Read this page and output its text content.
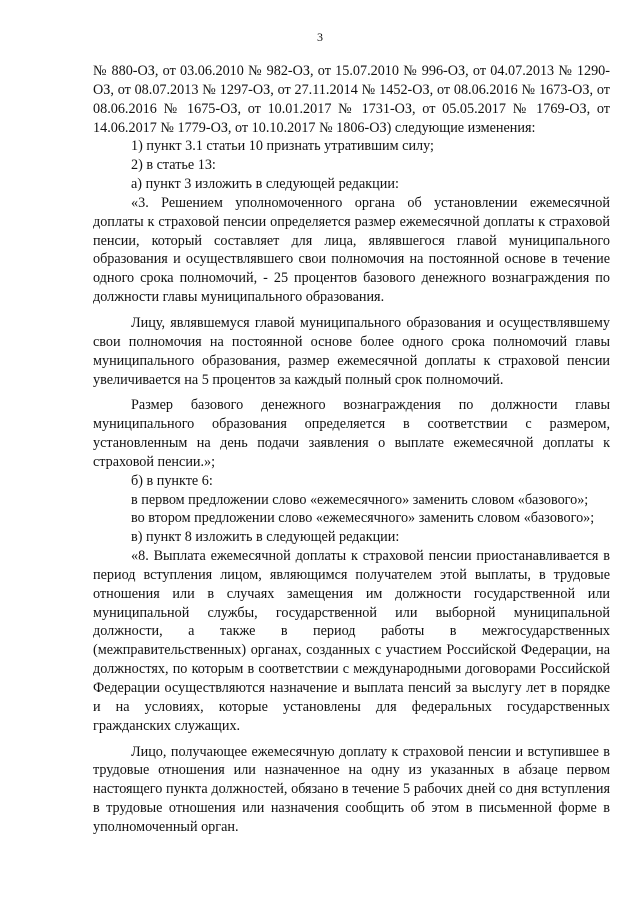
3

№ 880-ОЗ, от 03.06.2010 № 982-ОЗ, от 15.07.2010 № 996-ОЗ, от 04.07.2013 № 1290-ОЗ, от 08.07.2013 № 1297-ОЗ, от 27.11.2014 № 1452-ОЗ, от 08.06.2016 № 1673-ОЗ, от 08.06.2016 № 1675-ОЗ, от 10.01.2017 № 1731-ОЗ, от 05.05.2017 № 1769-ОЗ, от 14.06.2017 № 1779-ОЗ, от 10.10.2017 № 1806-ОЗ) следующие изменения:

1) пункт 3.1 статьи 10 признать утратившим силу;

2) в статье 13:

а) пункт 3 изложить в следующей редакции:

«3. Решением уполномоченного органа об установлении ежемесячной доплаты к страховой пенсии определяется размер ежемесячной доплаты к страховой пенсии, который составляет для лица, являвшегося главой муниципального образования и осуществлявшего свои полномочия на постоянной основе в течение одного срока полномочий, - 25 процентов базового денежного вознаграждения по должности главы муниципального образования.

Лицу, являвшемуся главой муниципального образования и осуществлявшему свои полномочия на постоянной основе более одного срока полномочий главы муниципального образования, размер ежемесячной доплаты к страховой пенсии увеличивается на 5 процентов за каждый полный срок полномочий.

Размер базового денежного вознаграждения по должности главы муниципального образования определяется в соответствии с размером, установленным на день подачи заявления о выплате ежемесячной доплаты к страховой пенсии.»;

б) в пункте 6:

в первом предложении слово «ежемесячного» заменить словом «базового»;

во втором предложении слово «ежемесячного» заменить словом «базового»;

в) пункт 8 изложить в следующей редакции:

«8. Выплата ежемесячной доплаты к страховой пенсии приостанавливается в период вступления лицом, являющимся получателем этой выплаты, в трудовые отношения или в случаях замещения им должности государственной или муниципальной службы, государственной или выборной муниципальной должности, а также в период работы в межгосударственных (межправительственных) органах, созданных с участием Российской Федерации, на должностях, по которым в соответствии с международными договорами Российской Федерации осуществляются назначение и выплата пенсий за выслугу лет в порядке и на условиях, которые установлены для федеральных государственных гражданских служащих.

Лицо, получающее ежемесячную доплату к страховой пенсии и вступившее в трудовые отношения или назначенное на одну из указанных в абзаце первом настоящего пункта должностей, обязано в течение 5 рабочих дней со дня вступления в трудовые отношения или назначения сообщить об этом в письменной форме в уполномоченный орган.
